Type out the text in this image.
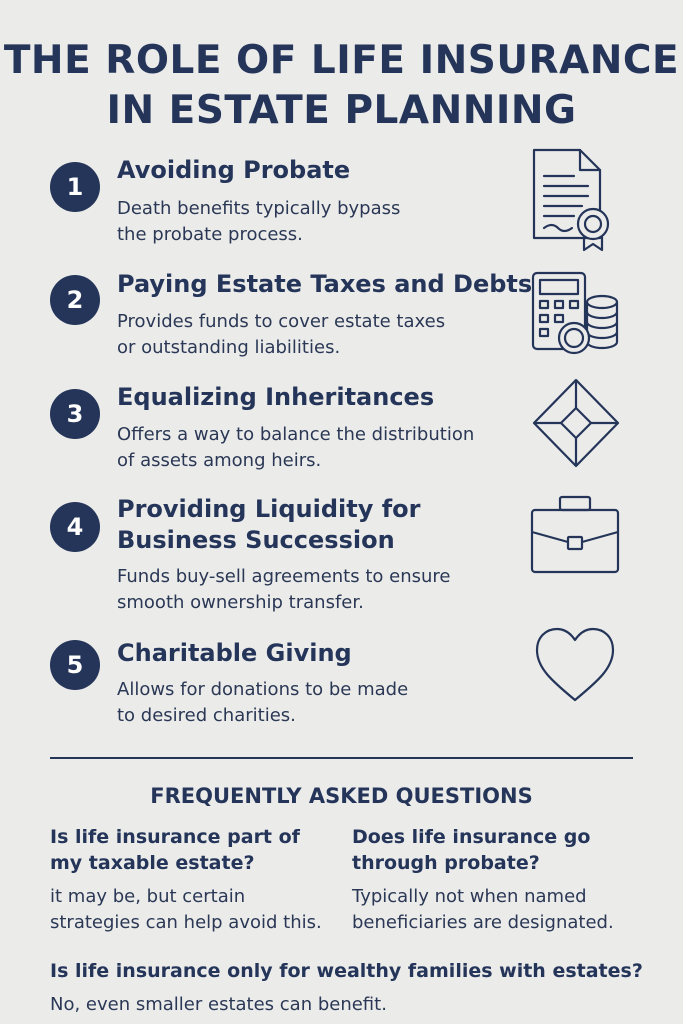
THE ROLE OF LIFE INSURANCE
IN ESTATE PLANNING
1

Avoiding Probate

Death benefits typically bypass
the probate process.

2

Paying Estate Taxes and Debts

Provides funds to cover estate taxes
or outstanding liabilities.

3

Equalizing Inheritances

Offers a way to balance the distribution
of assets among heirs.

4

Providing Liquidity for
Business Succession

Funds buy-sell agreements to ensure
smooth ownership transfer.

5	Charitable Giving

Allows for donations to be made
to desired charities.

FREQUENTLY ASKED QUESTIONS

Is life insurance part of
my taxable estate?

it may be, but certain
strategies can help avoid this.

Does life insurance go
through probate?

Typically not when named
beneficiaries are designated.

Is life insurance only for wealthy families with estates?

No, even smaller estates can benefit.
